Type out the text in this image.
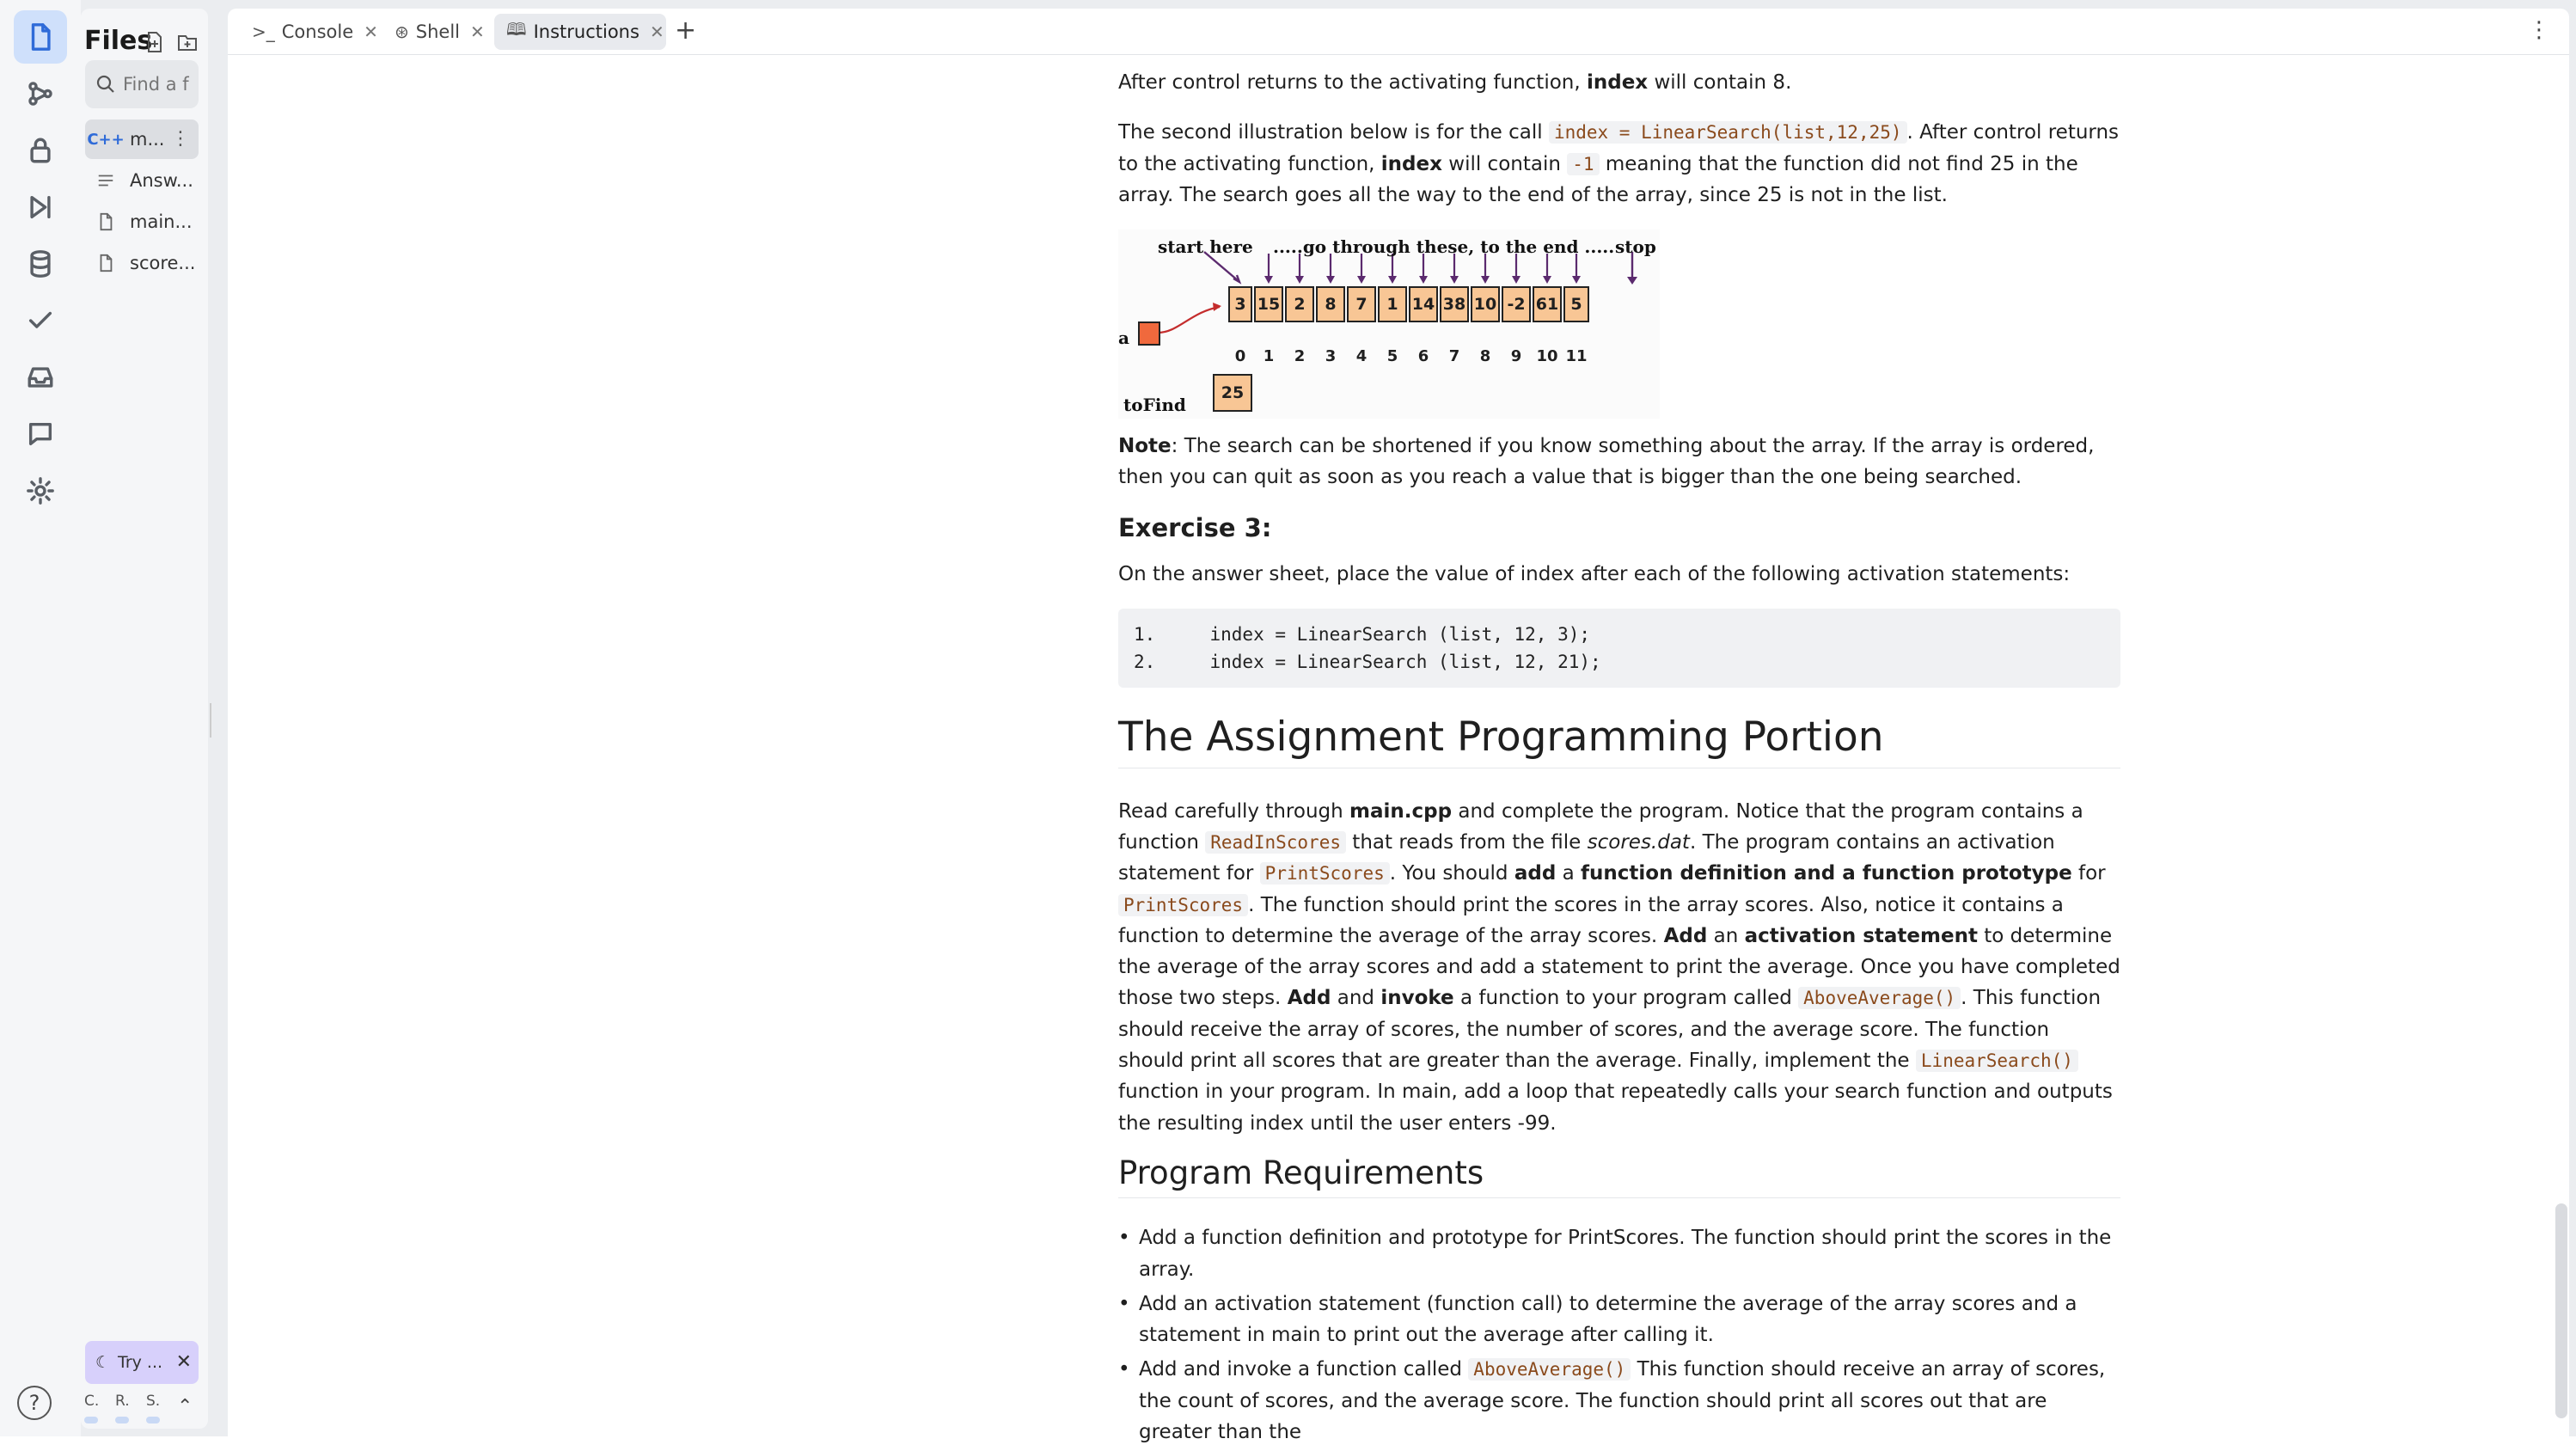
?
Files
Find a f
C++ m... ⋮
Answ...
main...
score...
☾ Try ... ✕
C. R. S. ⌃
>_ Console ✕ ⊛ Shell ✕ 🕮 Instructions ✕ +	⋮

After control returns to the activating function, index will contain 8.

The second illustration below is for the call index = LinearSearch(list,12,25) . After control returns to the activating function, index will contain -1 meaning that the function did not find 25 in the array. The search goes all the way to the end of the array, since 25 is not in the list.

start here .....go through these, to the end ..... stop
a
toFind
25
3
0
15
1
2
2
8
3
7
4
1
5
14
6
38
7
10
8
-2
9
61
10
5
11

Note: The search can be shortened if you know something about the array. If the array is ordered, then you can quit as soon as you reach a value that is bigger than the one being searched.

Exercise 3:

On the answer sheet, place the value of index after each of the following activation statements:

1.     index = LinearSearch (list, 12, 3);
2.     index = LinearSearch (list, 12, 21);
The Assignment Programming Portion

Read carefully through main.cpp and complete the program. Notice that the program contains a function ReadInScores that reads from the file scores.dat. The program contains an activation statement for PrintScores . You should add a function definition and a function prototype for PrintScores . The function should print the scores in the array scores. Also, notice it contains a function to determine the average of the array scores. Add an activation statement to determine the average of the array scores and add a statement to print the average. Once you have completed those two steps. Add and invoke a function to your program called AboveAverage() . This function should receive the array of scores, the number of scores, and the average score. The function should print all scores that are greater than the average. Finally, implement the LinearSearch() function in your program. In main, add a loop that repeatedly calls your search function and outputs the resulting index until the user enters -99.

Program Requirements
• Add a function definition and prototype for PrintScores. The function should print the scores in the array.
• Add an activation statement (function call) to determine the average of the array scores and a statement in main to print out the average after calling it.
• Add and invoke a function called AboveAverage() This function should receive an array of scores, the count of scores, and the average score. The function should print all scores out that are greater than the
